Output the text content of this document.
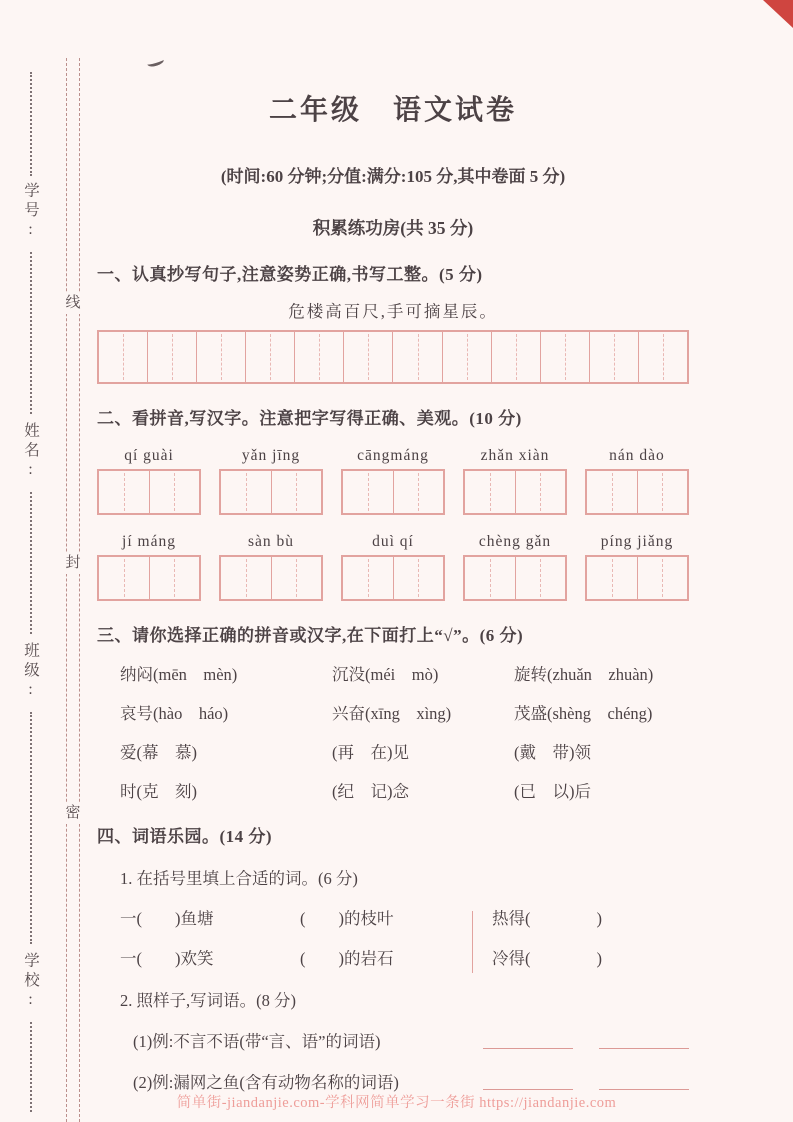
线
封
密
学号:
姓名:
班级:
学校:
二年级　语文试卷
(时间:60 分钟;分值:满分:105 分,其中卷面 5 分)
积累练功房(共 35 分)
一、认真抄写句子,注意姿势正确,书写工整。(5 分)
危楼高百尺,手可摘星辰。
二、看拼音,写汉字。注意把字写得正确、美观。(10 分)
qí guài	yǎn jīng	cāngmáng	zhǎn xiàn	nán dào
jí máng	sàn bù	duì qí	chèng gǎn	píng jiǎng
三、请你选择正确的拼音或汉字,在下面打上“√”。(6 分)
纳闷(mēn　mèn)	沉没(méi　mò)	旋转(zhuǎn　zhuàn)
哀号(hào　háo)	兴奋(xīng　xìng)	茂盛(shèng　chéng)
爱(幕　慕)	(再　在)见	(戴　带)领
时(克　刻)	(纪　记)念	(已　以)后
四、词语乐园。(14 分)
1. 在括号里填上合适的词。(6 分)
一(　　)鱼塘	(　　)的枝叶	热得(　　　　)
一(　　)欢笑	(　　)的岩石	冷得(　　　　)
2. 照样子,写词语。(8 分)
(1)例:不言不语(带“言、语”的词语)
(2)例:漏网之鱼(含有动物名称的词语)
简单街-jiandanjie.com-学科网简单学习一条街 https://jiandanjie.com
